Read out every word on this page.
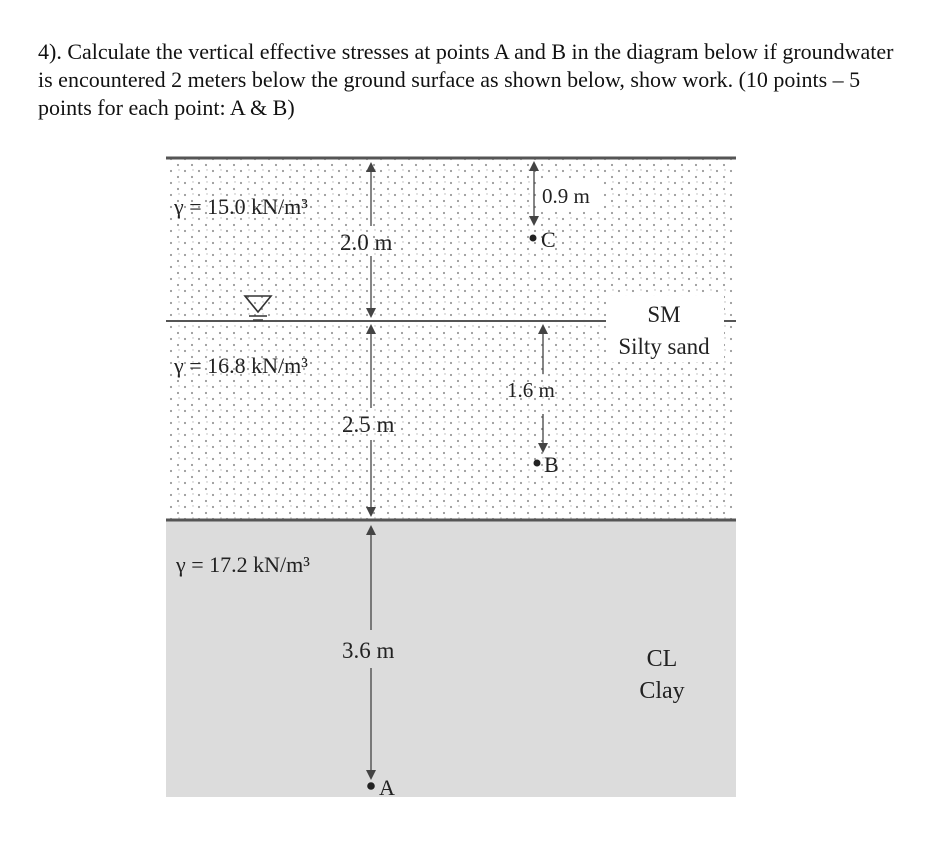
4). Calculate the vertical effective stresses at points A and B in the diagram below if groundwater is encountered 2 meters below the ground surface as shown below, show work. (10 points – 5 points for each point: A & B)
2.0 m
2.5 m
3.6 m
0.9 m
C
1.6 m
B
A
γ = 15.0 kN/m³
γ = 16.8 kN/m³
γ = 17.2 kN/m³
SM
Silty sand
CL
Clay
